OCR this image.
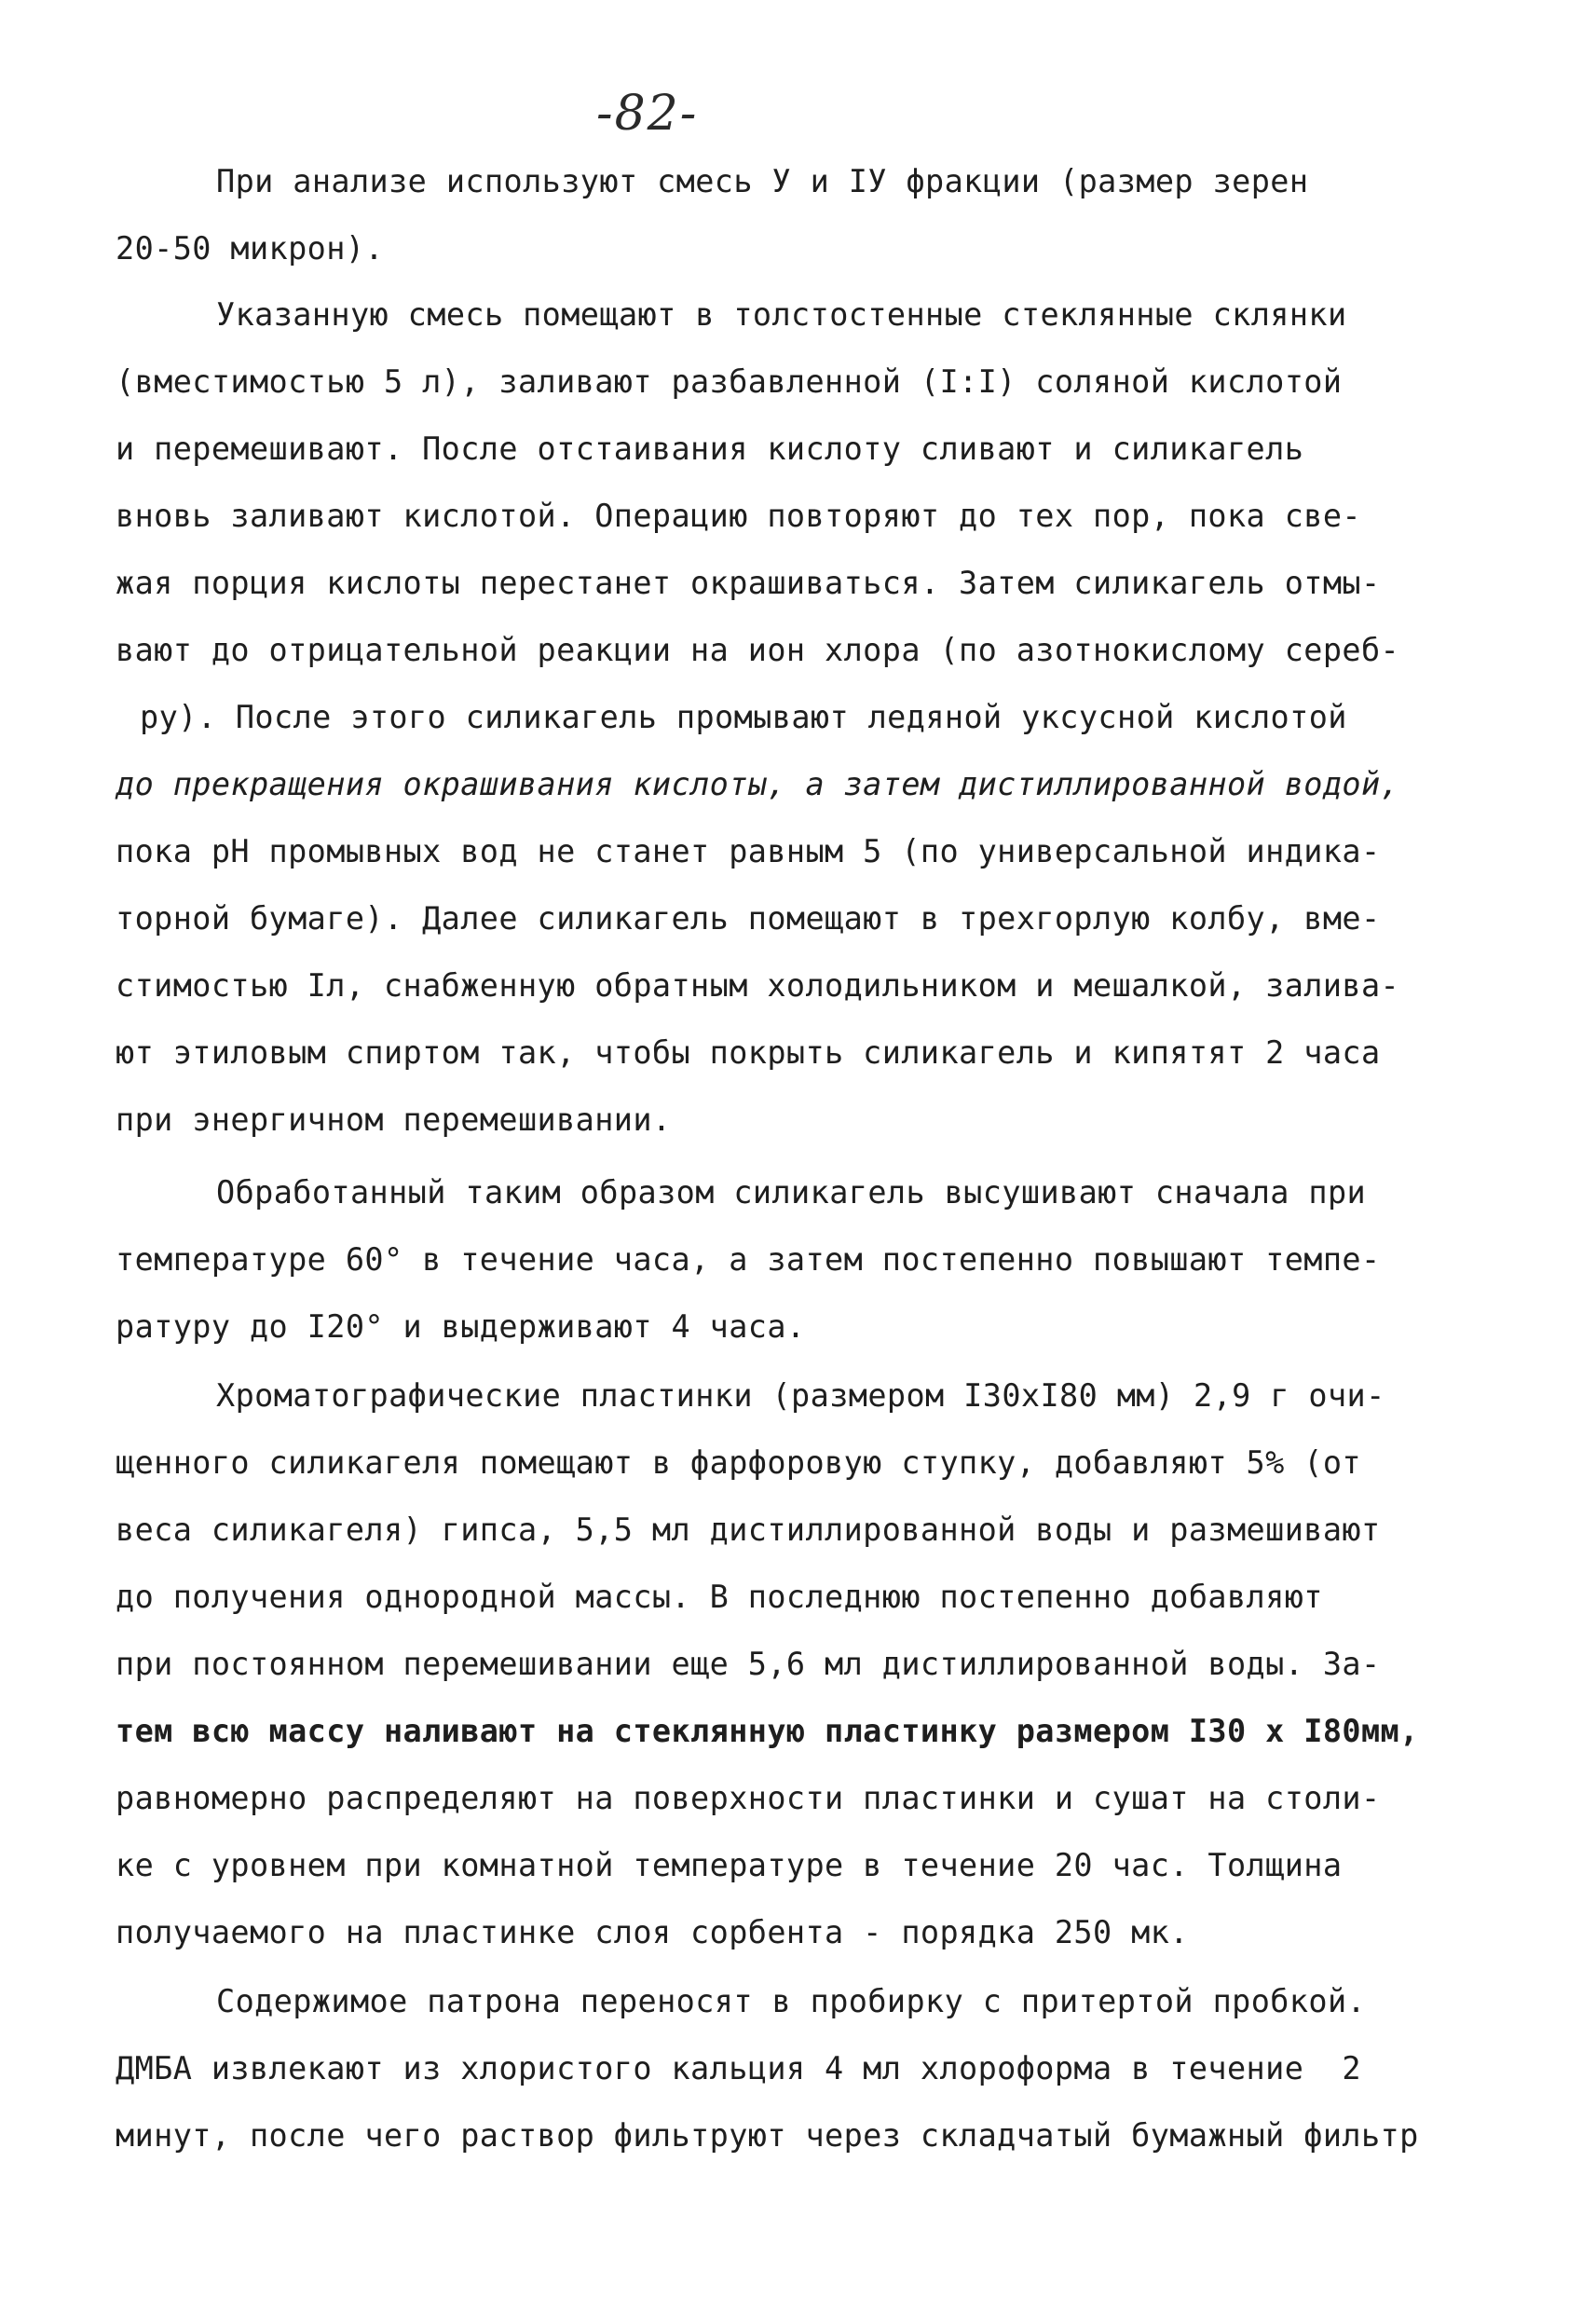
-82-
При анализе используют смесь У и IУ фракции (размер зерен
20-50 микрон).
Указанную смесь помещают в толстостенные стеклянные склянки
(вместимостью 5 л), заливают разбавленной (I:I) соляной кислотой
и перемешивают. После отстаивания кислоту сливают и силикагель
вновь заливают кислотой. Операцию повторяют до тех пор, пока све-
жая порция кислоты перестанет окрашиваться. Затем силикагель отмы-
вают до отрицательной реакции на ион хлора (по азотнокислому сереб-
ру). После этого силикагель промывают ледяной уксусной кислотой
до прекращения окрашивания кислоты, а затем дистиллированной водой,
пока рН промывных вод не станет равным 5 (по универсальной индика-
торной бумаге). Далее силикагель помещают в трехгорлую колбу, вме-
стимостью Iл, снабженную обратным холодильником и мешалкой, залива-
ют этиловым спиртом так, чтобы покрыть силикагель и кипятят 2 часа
при энергичном перемешивании.
Обработанный таким образом силикагель высушивают сначала при
температуре 60° в течение часа, а затем постепенно повышают темпе-
ратуру до I20° и выдерживают 4 часа.
Хроматографические пластинки (размером I30xI80 мм) 2,9 г очи-
щенного силикагеля помещают в фарфоровую ступку, добавляют 5% (от
веса силикагеля) гипса, 5,5 мл дистиллированной воды и размешивают
до получения однородной массы. В последнюю постепенно добавляют
при постоянном перемешивании еще 5,6 мл дистиллированной воды. За-
тем всю массу наливают на стеклянную пластинку размером I30 х I80мм,
равномерно распределяют на поверхности пластинки и сушат на столи-
ке с уровнем при комнатной температуре в течение 20 час. Толщина
получаемого на пластинке слоя сорбента - порядка 250 мк.
Содержимое патрона переносят в пробирку с притертой пробкой.
ДМБА извлекают из хлористого кальция 4 мл хлороформа в течение  2
минут, после чего раствор фильтруют через складчатый бумажный фильтр
